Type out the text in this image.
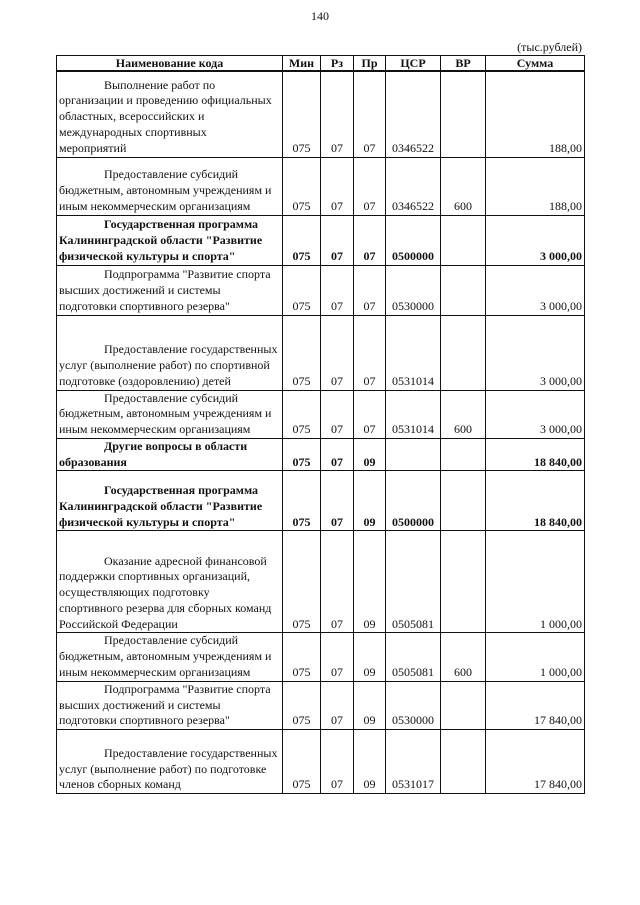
140
(тыс.рублей)
Наименование кода	Мин	Рз	Пр	ЦСР	ВР	Сумма

Выполнение работ по
организации и проведению официальных
областных, всероссийских и
международных спортивных
мероприятий	075	07	07	0346522		188,00

Предоставление субсидий
бюджетным, автономным учреждениям и
иным некоммерческим организациям	075	07	07	0346522	600	188,00

Государственная программа
Калининградской области "Развитие
физической культуры и спорта"	075	07	07	0500000		3 000,00

Подпрограмма "Развитие спорта
высших достижений и системы
подготовки спортивного резерва"	075	07	07	0530000		3 000,00

Предоставление государственных
услуг (выполнение работ) по спортивной
подготовке (оздоровлению) детей	075	07	07	0531014		3 000,00

Предоставление субсидий
бюджетным, автономным учреждениям и
иным некоммерческим организациям	075	07	07	0531014	600	3 000,00

Другие вопросы в области
образования	075	07	09			18 840,00

Государственная программа
Калининградской области "Развитие
физической культуры и спорта"	075	07	09	0500000		18 840,00

Оказание адресной финансовой
поддержки спортивных организаций,
осуществляющих подготовку
спортивного резерва для сборных команд
Российской Федерации	075	07	09	0505081		1 000,00

Предоставление субсидий
бюджетным, автономным учреждениям и
иным некоммерческим организациям	075	07	09	0505081	600	1 000,00

Подпрограмма "Развитие спорта
высших достижений и системы
подготовки спортивного резерва"	075	07	09	0530000		17 840,00

Предоставление государственных
услуг (выполнение работ) по подготовке
членов сборных команд	075	07	09	0531017		17 840,00
